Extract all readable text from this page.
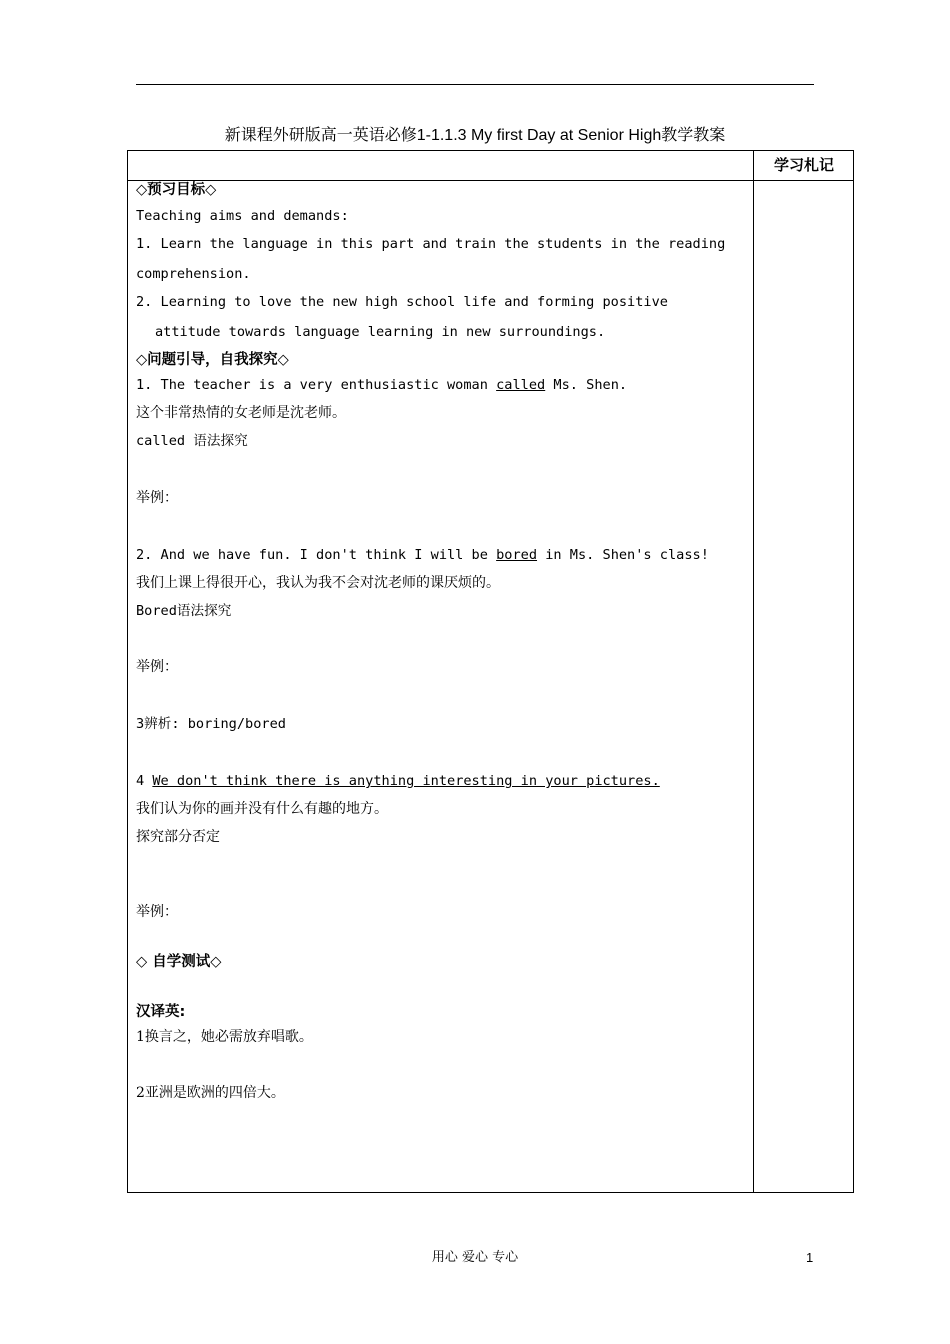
新课程外研版高一英语必修1-1.1.3 My first Day at Senior High教学教案
学习札记
◇预习目标◇
Teaching aims and demands:
1. Learn the language in this part and train the students in the reading
comprehension.
2. Learning to love the new high school life and forming positive
attitude towards language learning in new surroundings.
◇问题引导，自我探究◇
1. The teacher is a very enthusiastic woman called Ms. Shen.
这个非常热情的女老师是沈老师。
called 语法探究
举例：
2. And we have fun. I don't think I will be bored in Ms. Shen's class!
我们上课上得很开心，我认为我不会对沈老师的课厌烦的。
Bored语法探究
举例：
3辨析: boring/bored
4 We don't think there is anything interesting in your pictures.
我们认为你的画并没有什么有趣的地方。
探究部分否定
举例：
◇ 自学测试◇
汉译英:
1换言之，她必需放弃唱歌。
2亚洲是欧洲的四倍大。
用心 爱心 专心	1
